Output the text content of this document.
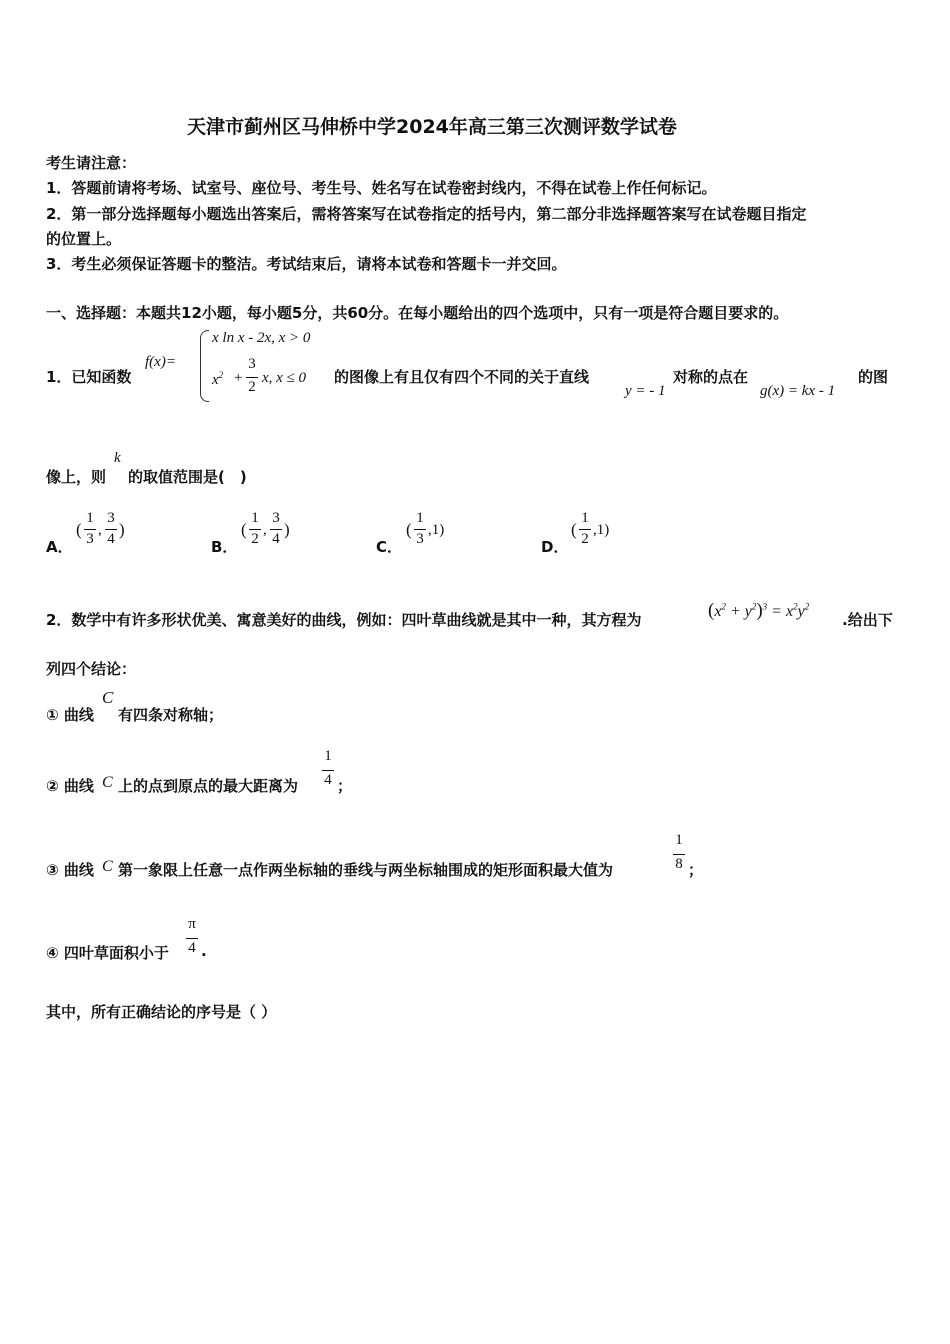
天津市蓟州区马伸桥中学2024年高三第三次测评数学试卷
考生请注意：
1．答题前请将考场、试室号、座位号、考生号、姓名写在试卷密封线内，不得在试卷上作任何标记。
2．第一部分选择题每小题选出答案后，需将答案写在试卷指定的括号内，第二部分非选择题答案写在试卷题目指定
的位置上。
3．考生必须保证答题卡的整洁。考试结束后，请将本试卷和答题卡一并交回。
一、选择题：本题共12小题，每小题5分，共60分。在每小题给出的四个选项中，只有一项是符合题目要求的。
1．已知函数
f(x)=
x ln x - 2x, x > 0
$x^2$ +
3
2
x, x ≤ 0 的图像上有且仅有四个不同的关于直线
y = - 1
对称的点在
g(x) = kx - 1
的图
像上，则
k
的取值范围是(　)
A．
(
1
3
,
3
4 )
B．
(
1
2
,
3
4 )
C．
(
1
3
,1)
D．
(
1
2
,1)
2．数学中有许多形状优美、寓意美好的曲线，例如：四叶草曲线就是其中一种，其方程为	$(x^2 + y^2)^3 = x^2y^2$
.给出下
列四个结论：
① 曲线
C
有四条对称轴；
② 曲线 C 上的点到原点的最大距离为
1
4 ；
③ 曲线 C 第一象限上任意一点作两坐标轴的垂线与两坐标轴围成的矩形面积最大值为
1
8 ；
④ 四叶草面积小于
π
4 .
其中，所有正确结论的序号是（ ）
